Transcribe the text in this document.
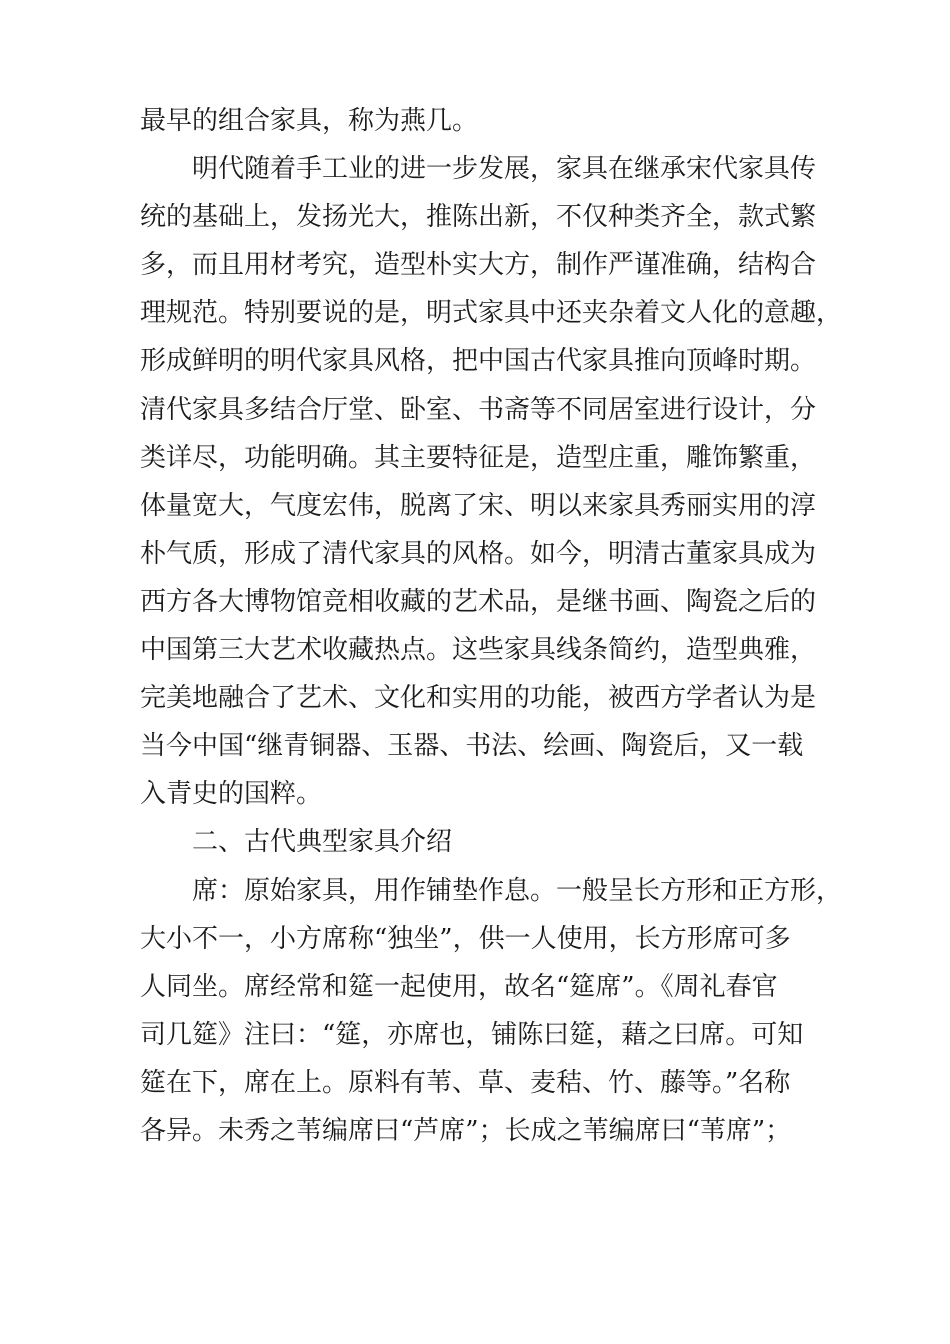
最早的组合家具，称为燕几。
明代随着手工业的进一步发展，家具在继承宋代家具传
统的基础上，发扬光大，推陈出新，不仅种类齐全，款式繁
多，而且用材考究，造型朴实大方，制作严谨准确，结构合
理规范。特别要说的是，明式家具中还夹杂着文人化的意趣，
形成鲜明的明代家具风格，把中国古代家具推向顶峰时期。
清代家具多结合厅堂、卧室、书斋等不同居室进行设计，分
类详尽，功能明确。其主要特征是，造型庄重，雕饰繁重，
体量宽大，气度宏伟，脱离了宋、明以来家具秀丽实用的淳
朴气质，形成了清代家具的风格。如今，明清古董家具成为
西方各大博物馆竞相收藏的艺术品，是继书画、陶瓷之后的
中国第三大艺术收藏热点。这些家具线条简约，造型典雅，
完美地融合了艺术、文化和实用的功能，被西方学者认为是
当今中国“继青铜器、玉器、书法、绘画、陶瓷后，又一载
入青史的国粹。
二、古代典型家具介绍
席：原始家具，用作铺垫作息。一般呈长方形和正方形，
大小不一，小方席称“独坐”，供一人使用，长方形席可多
人同坐。席经常和筵一起使用，故名“筵席”。《周礼春官
司几筵》注曰：“筵，亦席也，铺陈曰筵，藉之曰席。可知
筵在下，席在上。原料有苇、草、麦秸、竹、藤等。”名称
各异。未秀之苇编席曰“芦席”；长成之苇编席曰“苇席”；
